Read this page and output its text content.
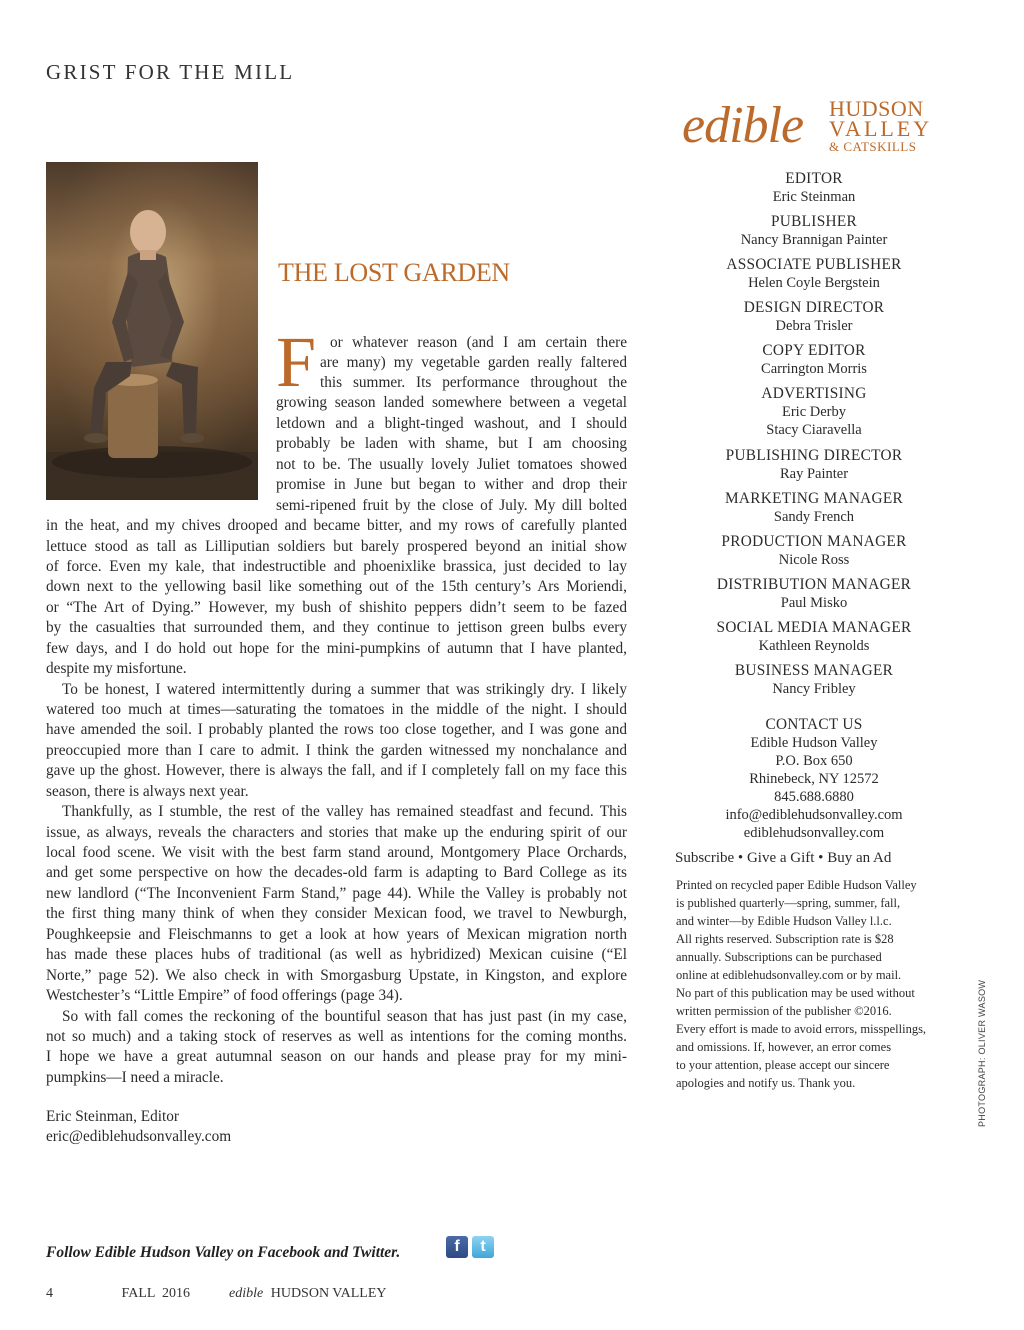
GRIST FOR THE MILL
edible HUDSON
VALLEY
& CATSKILLS
THE LOST GARDEN
F or whatever reason (and I am certain there
are many) my vegetable garden really faltered
this summer. Its performance throughout the
growing season landed somewhere between a vegetal
letdown and a blight-tinged washout, and I should
probably be laden with shame, but I am choosing
not to be. The usually lovely Juliet tomatoes showed
promise in June but began to wither and drop their
semi-ripened fruit by the close of July. My dill bolted
in the heat, and my chives drooped and became bitter, and my rows of carefully planted
lettuce stood as tall as Lilliputian soldiers but barely prospered beyond an initial show
of force. Even my kale, that indestructible and phoenixlike brassica, just decided to lay
down next to the yellowing basil like something out of the 15th century’s Ars Moriendi,
or “The Art of Dying.” However, my bush of shishito peppers didn’t seem to be fazed
by the casualties that surrounded them, and they continue to jettison green bulbs every
few days, and I do hold out hope for the mini-pumpkins of autumn that I have planted,
despite my misfortune.
To be honest, I watered intermittently during a summer that was strikingly dry. I likely
watered too much at times—saturating the tomatoes in the middle of the night. I should
have amended the soil. I probably planted the rows too close together, and I was gone and
preoccupied more than I care to admit. I think the garden witnessed my nonchalance and
gave up the ghost. However, there is always the fall, and if I completely fall on my face this
season, there is always next year.
Thankfully, as I stumble, the rest of the valley has remained steadfast and fecund. This
issue, as always, reveals the characters and stories that make up the enduring spirit of our
local food scene. We visit with the best farm stand around, Montgomery Place Orchards,
and get some perspective on how the decades-old farm is adapting to Bard College as its
new landlord (“The Inconvenient Farm Stand,” page 44). While the Valley is probably not
the first thing many think of when they consider Mexican food, we travel to Newburgh,
Poughkeepsie and Fleischmanns to get a look at how years of Mexican migration north
has made these places hubs of traditional (as well as hybridized) Mexican cuisine (“El
Norte,” page 52). We also check in with Smorgasburg Upstate, in Kingston, and explore
Westchester’s “Little Empire” of food offerings (page 34).
So with fall comes the reckoning of the bountiful season that has just past (in my case,
not so much) and a taking stock of reserves as well as intentions for the coming months.
I hope we have a great autumnal season on our hands and please pray for my mini-
pumpkins—I need a miracle.
Eric Steinman, Editor
eric@ediblehudsonvalley.com
EDITOR
Eric Steinman
PUBLISHER
Nancy Brannigan Painter
ASSOCIATE PUBLISHER
Helen Coyle Bergstein
DESIGN DIRECTOR
Debra Trisler
COPY EDITOR
Carrington Morris
ADVERTISING
Eric Derby
Stacy Ciaravella
PUBLISHING DIRECTOR
Ray Painter
MARKETING MANAGER
Sandy French
PRODUCTION MANAGER
Nicole Ross
DISTRIBUTION MANAGER
Paul Misko
SOCIAL MEDIA MANAGER
Kathleen Reynolds
BUSINESS MANAGER
Nancy Fribley
CONTACT US
Edible Hudson Valley
P.O. Box 650
Rhinebeck, NY 12572
845.688.6880
info@ediblehudsonvalley.com
ediblehudsonvalley.com
Subscribe • Give a Gift • Buy an Ad
Printed on recycled paper Edible Hudson Valley
is published quarterly—spring, summer, fall,
and winter—by Edible Hudson Valley l.l.c.
All rights reserved. Subscription rate is $28
annually. Subscriptions can be purchased
online at ediblehudsonvalley.com or by mail.
No part of this publication may be used without
written permission of the publisher ©2016.
Every effort is made to avoid errors, misspellings,
and omissions. If, however, an error comes
to your attention, please accept our sincere
apologies and notify us. Thank you.	PHOTOGRAPH: OLIVER WASOW
Follow Edible Hudson Valley on Facebook and Twitter.	f	t
4	FALL  2016	edible HUDSON VALLEY
